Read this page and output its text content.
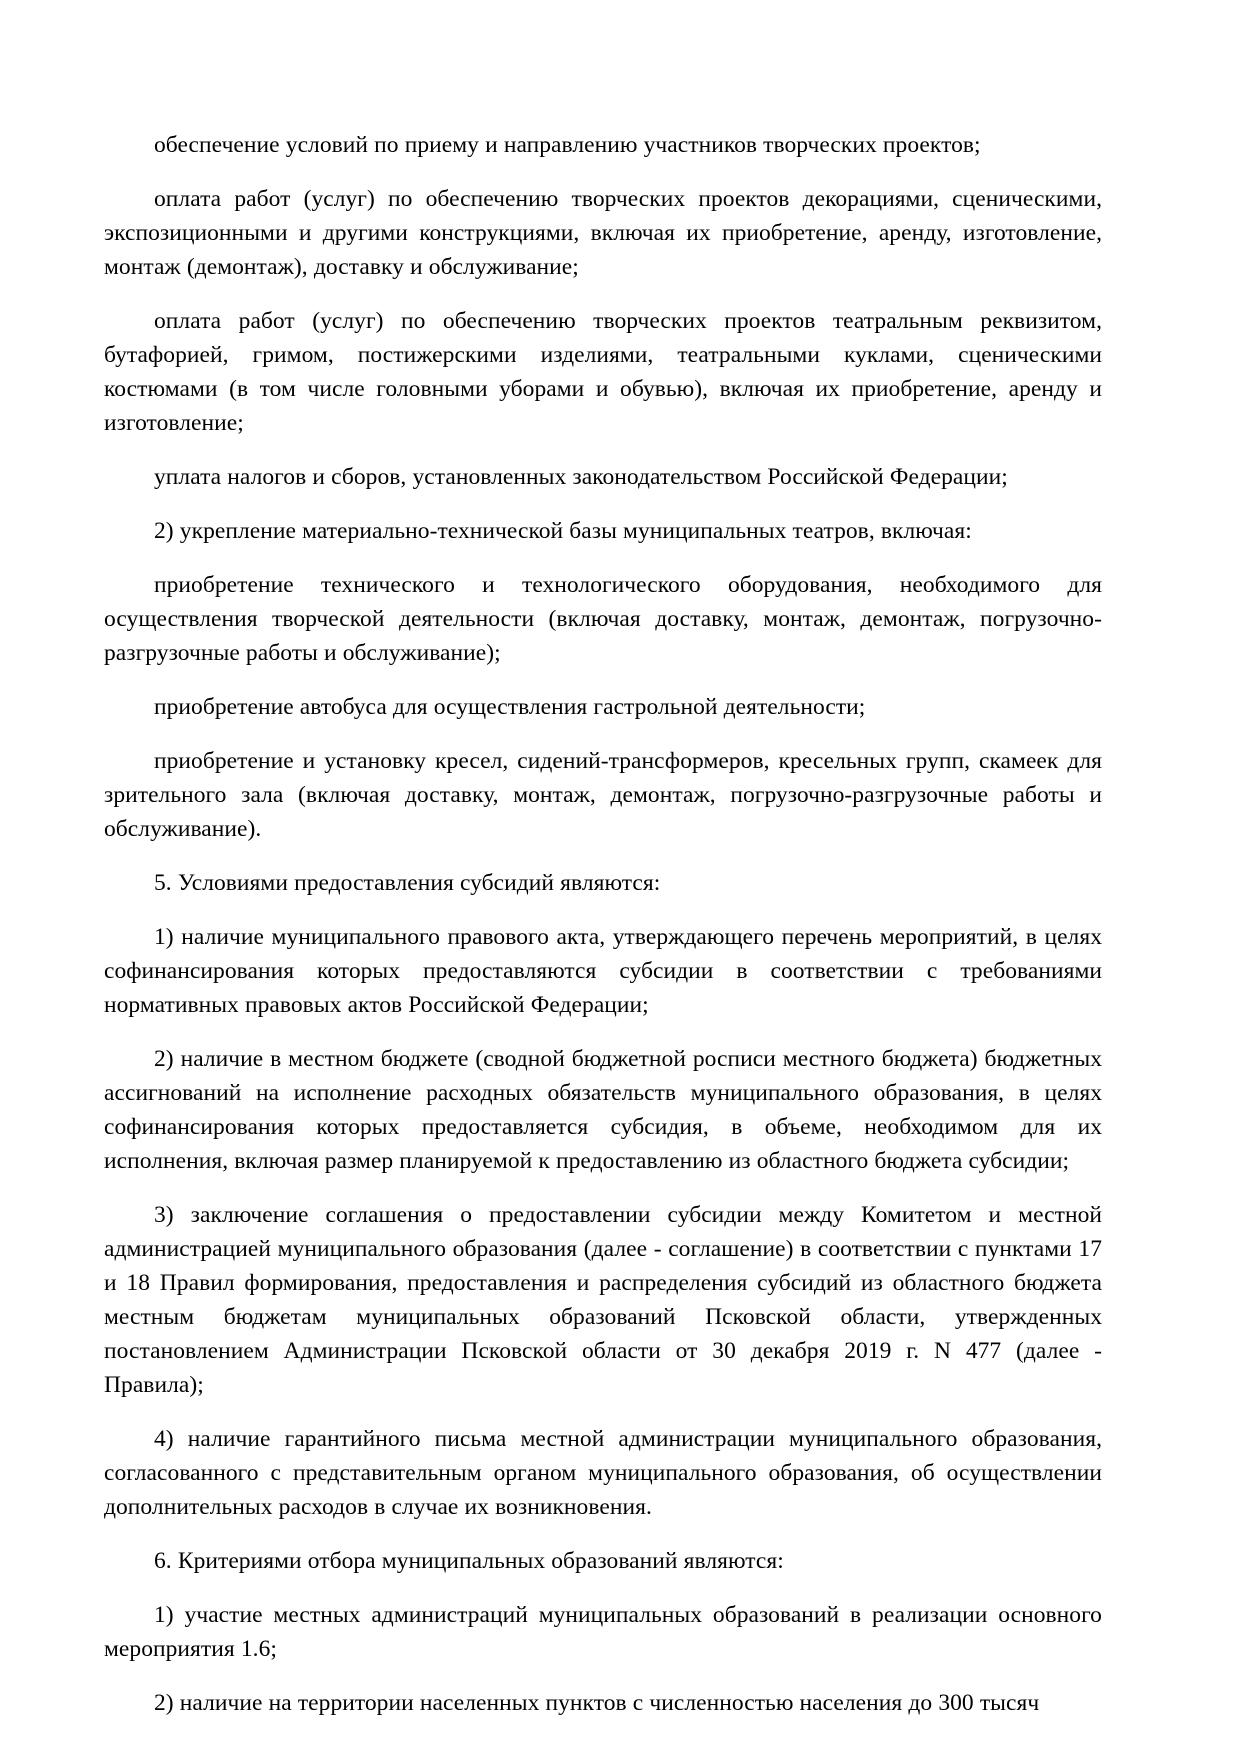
обеспечение условий по приему и направлению участников творческих проектов;

оплата работ (услуг) по обеспечению творческих проектов декорациями, сценическими, экспозиционными и другими конструкциями, включая их приобретение, аренду, изготовление, монтаж (демонтаж), доставку и обслуживание;

оплата работ (услуг) по обеспечению творческих проектов театральным реквизитом, бутафорией, гримом, постижерскими изделиями, театральными куклами, сценическими костюмами (в том числе головными уборами и обувью), включая их приобретение, аренду и изготовление;

уплата налогов и сборов, установленных законодательством Российской Федерации;

2) укрепление материально-технической базы муниципальных театров, включая:

приобретение технического и технологического оборудования, необходимого для осуществления творческой деятельности (включая доставку, монтаж, демонтаж, погрузочно-разгрузочные работы и обслуживание);

приобретение автобуса для осуществления гастрольной деятельности;

приобретение и установку кресел, сидений-трансформеров, кресельных групп, скамеек для зрительного зала (включая доставку, монтаж, демонтаж, погрузочно-разгрузочные работы и обслуживание).

5. Условиями предоставления субсидий являются:

1) наличие муниципального правового акта, утверждающего перечень мероприятий, в целях софинансирования которых предоставляются субсидии в соответствии с требованиями нормативных правовых актов Российской Федерации;

2) наличие в местном бюджете (сводной бюджетной росписи местного бюджета) бюджетных ассигнований на исполнение расходных обязательств муниципального образования, в целях софинансирования которых предоставляется субсидия, в объеме, необходимом для их исполнения, включая размер планируемой к предоставлению из областного бюджета субсидии;

3) заключение соглашения о предоставлении субсидии между Комитетом и местной администрацией муниципального образования (далее - соглашение) в соответствии с пунктами 17 и 18 Правил формирования, предоставления и распределения субсидий из областного бюджета местным бюджетам муниципальных образований Псковской области, утвержденных постановлением Администрации Псковской области от 30 декабря 2019 г. N 477 (далее - Правила);

4) наличие гарантийного письма местной администрации муниципального образования, согласованного с представительным органом муниципального образования, об осуществлении дополнительных расходов в случае их возникновения.

6. Критериями отбора муниципальных образований являются:

1) участие местных администраций муниципальных образований в реализации основного мероприятия 1.6;

2) наличие на территории населенных пунктов с численностью населения до 300 тысяч
